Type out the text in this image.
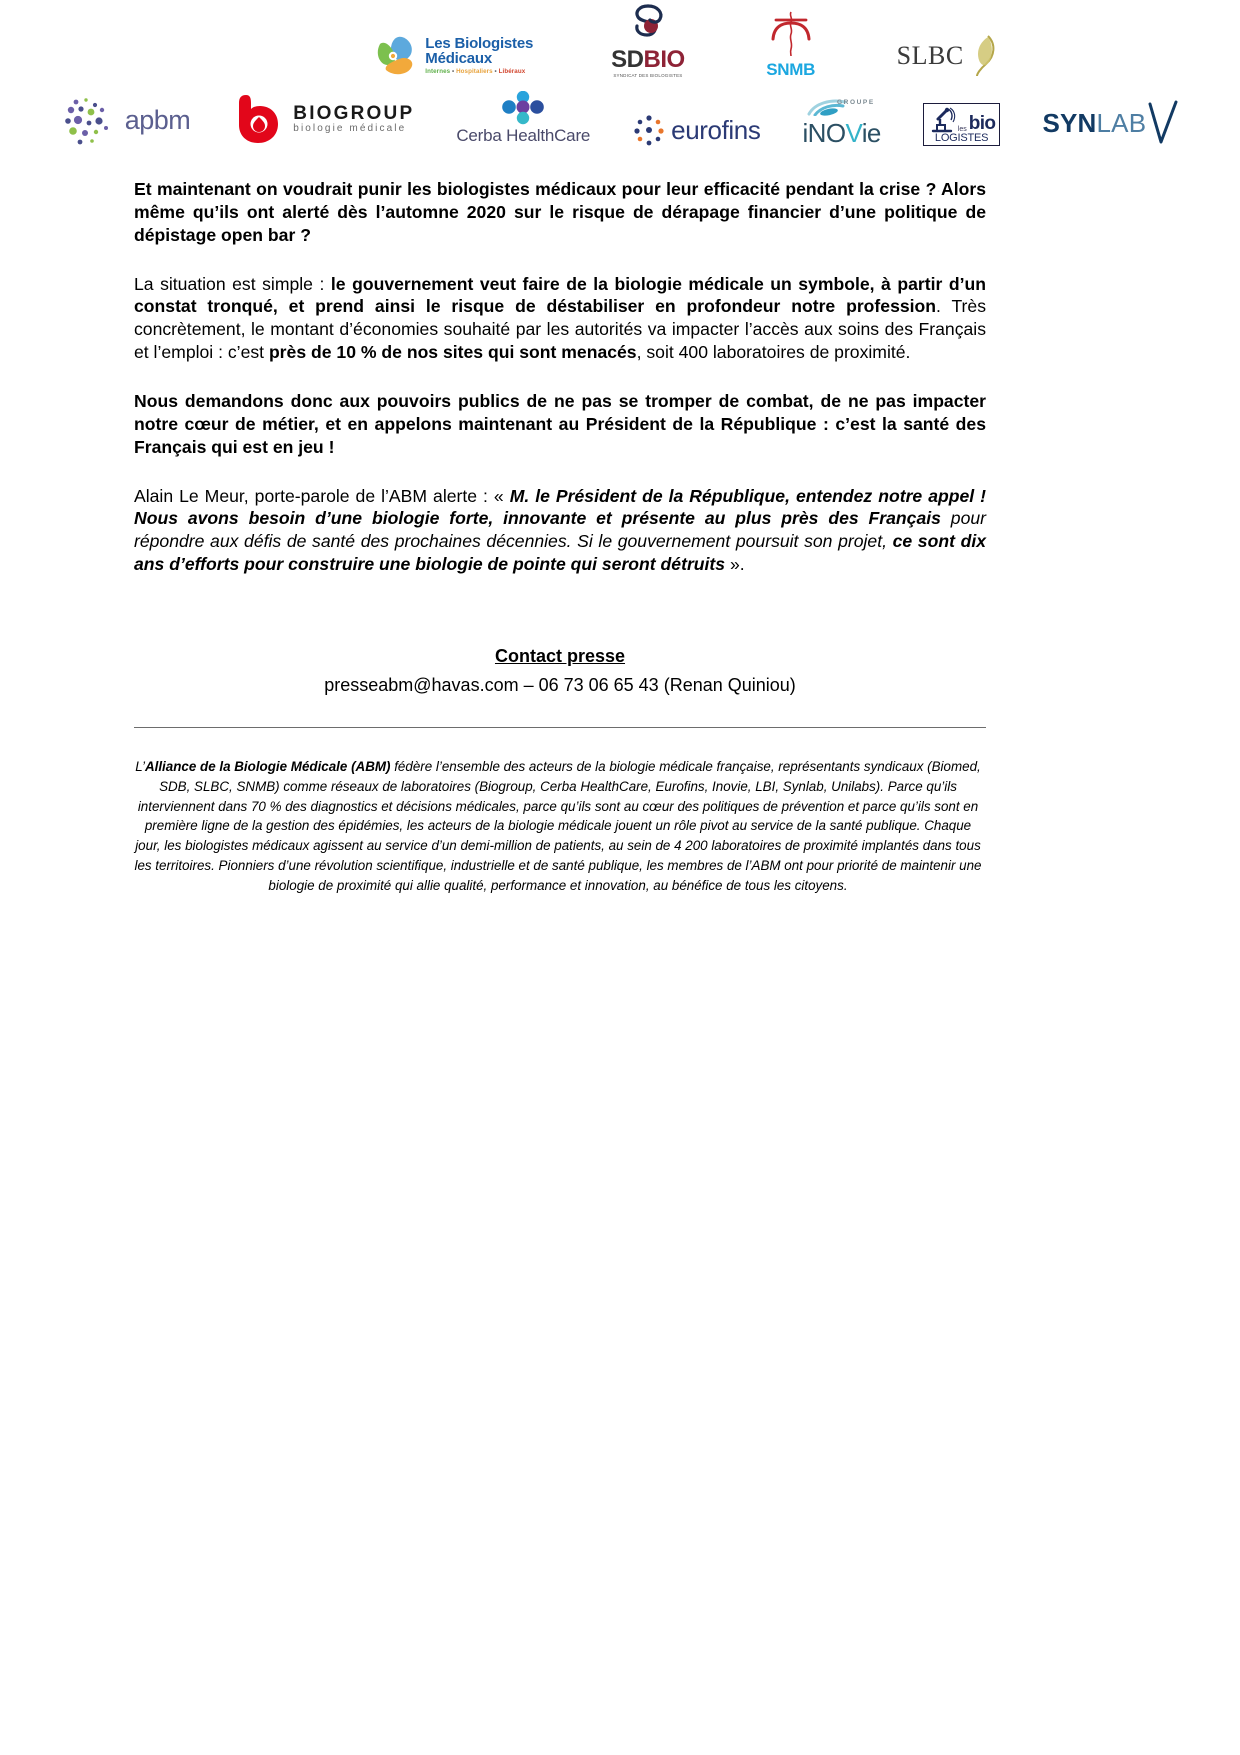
Les Biologistes
Médicaux
Internes • Hospitaliers • Libéraux	SDBIO
SYNDICAT DES BIOLOGISTES	SNMB	SLBC
apbm	BIOGROUP
biologie médicale	Cerba HealthCare	eurofins
GROUPE
iNOVie	les bio
LOGISTES
SYNLAB

Et maintenant on voudrait punir les biologistes médicaux pour leur efficacité pendant la crise ? Alors même qu’ils ont alerté dès l’automne 2020 sur le risque de dérapage financier d’une politique de dépistage open bar ?

La situation est simple : le gouvernement veut faire de la biologie médicale un symbole, à partir d’un constat tronqué, et prend ainsi le risque de déstabiliser en profondeur notre profession. Très concrètement, le montant d’économies souhaité par les autorités va impacter l’accès aux soins des Français et l’emploi : c’est près de 10 % de nos sites qui sont menacés, soit 400 laboratoires de proximité.

Nous demandons donc aux pouvoirs publics de ne pas se tromper de combat, de ne pas impacter notre cœur de métier, et en appelons maintenant au Président de la République : c’est la santé des Français qui est en jeu !

Alain Le Meur, porte-parole de l’ABM alerte : « M. le Président de la République, entendez notre appel ! Nous avons besoin d’une biologie forte, innovante et présente au plus près des Français pour répondre aux défis de santé des prochaines décennies. Si le gouvernement poursuit son projet, ce sont dix ans d’efforts pour construire une biologie de pointe qui seront détruits ».

Contact presse

presseabm@havas.com – 06 73 06 65 43 (Renan Quiniou)

L’Alliance de la Biologie Médicale (ABM) fédère l’ensemble des acteurs de la biologie médicale française, représentants syndicaux (Biomed, SDB, SLBC, SNMB) comme réseaux de laboratoires (Biogroup, Cerba HealthCare, Eurofins, Inovie, LBI, Synlab, Unilabs). Parce qu’ils interviennent dans 70 % des diagnostics et décisions médicales, parce qu’ils sont au cœur des politiques de prévention et parce qu’ils sont en première ligne de la gestion des épidémies, les acteurs de la biologie médicale jouent un rôle pivot au service de la santé publique. Chaque jour, les biologistes médicaux agissent au service d’un demi-million de patients, au sein de 4 200 laboratoires de proximité implantés dans tous les territoires. Pionniers d’une révolution scientifique, industrielle et de santé publique, les membres de l’ABM ont pour priorité de maintenir une biologie de proximité qui allie qualité, performance et innovation, au bénéfice de tous les citoyens.
